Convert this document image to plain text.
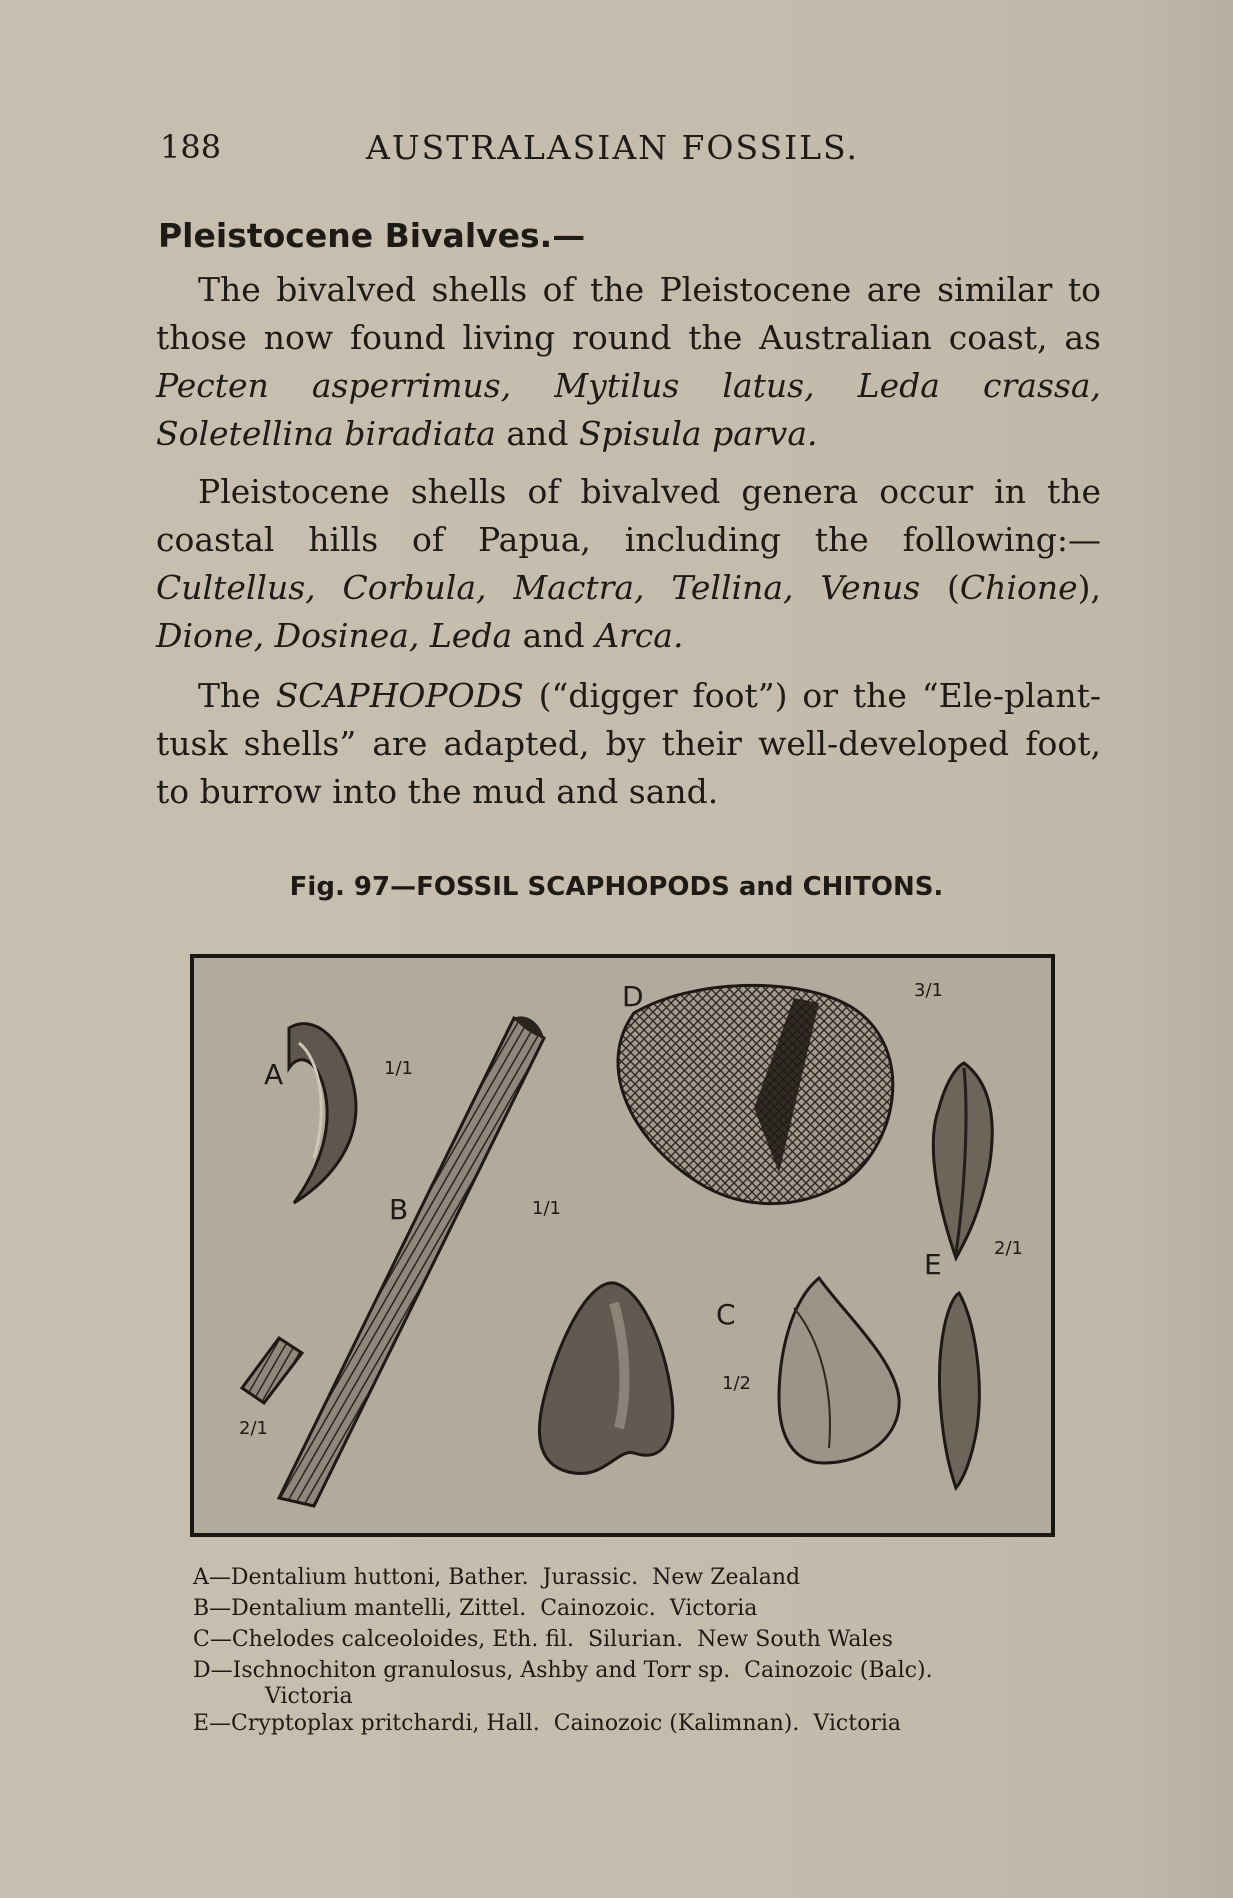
188	AUSTRALASIAN FOSSILS.
Pleistocene Bivalves.—

The bivalved shells of the Pleistocene are similar to those now found living round the Australian coast, as Pecten asperrimus, Mytilus latus, Leda crassa, Soletellina biradiata and Spisula parva.

Pleistocene shells of bivalved genera occur in the coastal hills of Papua, including the following:—Cultellus, Corbula, Mactra, Tellina, Venus (Chione), Dione, Dosinea, Leda and Arca.

The SCAPHOPODS (“digger foot”) or the “Ele-plant-tusk shells” are adapted, by their well-developed foot, to burrow into the mud and sand.

Fig. 97—FOSSIL SCAPHOPODS and CHITONS.
A	1/1
B	1/1
2/1
D	3/1
E	2/1
C
1/2
A—Dentalium huttoni, Bather.  Jurassic.  New Zealand
B—Dentalium mantelli, Zittel.  Cainozoic.  Victoria
C—Chelodes calceoloides, Eth. fil.  Silurian.  New South Wales
D—Ischnochiton granulosus, Ashby and Torr sp.  Cainozoic (Balc).
Victoria
E—Cryptoplax pritchardi, Hall.  Cainozoic (Kalimnan).  Victoria
